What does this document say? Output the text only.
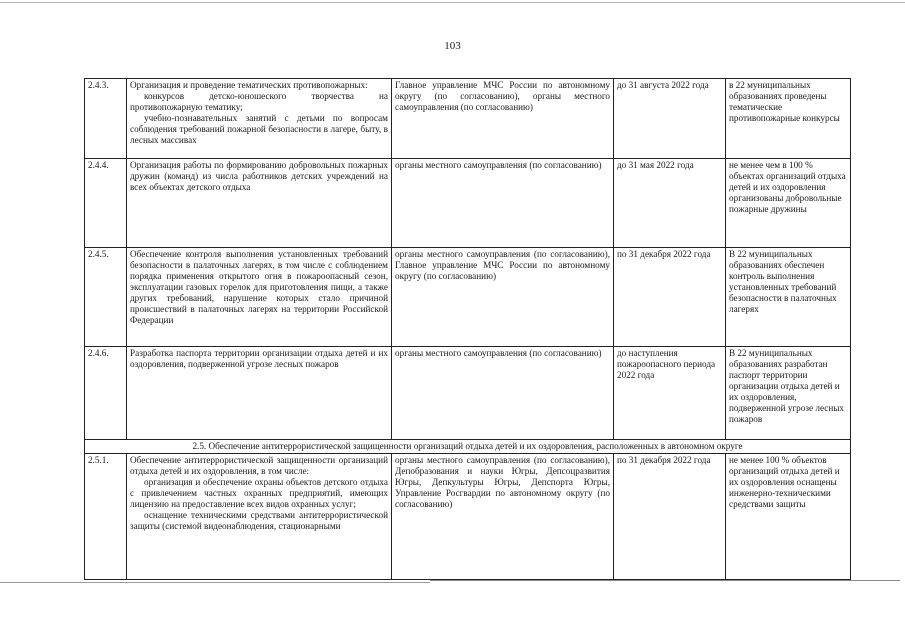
103
2.4.3.	Организация и проведение тематических противопожарных:
конкурсов детско-юношеского творчества на противопожарную тематику;
учебно-познавательных занятий с детьми по вопросам соблюдения требований пожарной безопасности в лагере, быту, в лесных массивах	Главное управление МЧС России по автономному округу (по согласованию), органы местного самоуправления (по согласованию)	до 31 августа 2022 года	в 22 муниципальных образованиях проведены тематические противопожарные конкурсы
2.4.4.	Организация работы по формированию добровольных пожарных дружин (команд) из числа работников детских учреждений на всех объектах детского отдыха	органы местного самоуправления (по согласованию)	до 31 мая 2022 года	не менее чем в 100 % объектах организаций отдыха детей и их оздоровления организованы добровольные пожарные дружины
2.4.5.	Обеспечение контроля выполнения установленных требований безопасности в палаточных лагерях, в том числе с соблюдением порядка применения открытого огня в пожароопасный сезон, эксплуатации газовых горелок для приготовления пищи, а также других требований, нарушение которых стало причиной происшествий в палаточных лагерях на территории Российской Федерации	органы местного самоуправления (по согласованию), Главное управление МЧС России по автономному округу (по согласованию)	по 31 декабря 2022 года	В 22 муниципальных образованиях обеспечен контроль выполнения установленных требований безопасности в палаточных лагерях
2.4.6.	Разработка паспорта территории организации отдыха детей и их оздоровления, подверженной угрозе лесных пожаров	органы местного самоуправления (по согласованию)	до наступления пожароопасного периода 2022 года	В 22 муниципальных образованиях разработан паспорт территории организации отдыха детей и их оздоровления, подверженной угрозе лесных пожаров
2.5. Обеспечение антитеррористической защищенности организаций отдыха детей и их оздоровления, расположенных в автономном округе				
2.5.1.	Обеспечение антитеррористической защищенности организаций отдыха детей и их оздоровления, в том числе:
организация и обеспечение охраны объектов детского отдыха с привлечением частных охранных предприятий, имеющих лицензию на предоставление всех видов охранных услуг;
оснащение техническими средствами антитеррористической защиты (системой видеонаблюдения, стационарными	органы местного самоуправления (по согласованию), Депобразования и науки Югры, Депсоцразвития Югры, Депкультуры Югры, Депспорта Югры, Управление Росгвардии по автономному округу (по согласованию)	по 31 декабря 2022 года	не менее 100 % объектов организаций отдыха детей и их оздоровления оснащены инженерно-техническими средствами защиты
